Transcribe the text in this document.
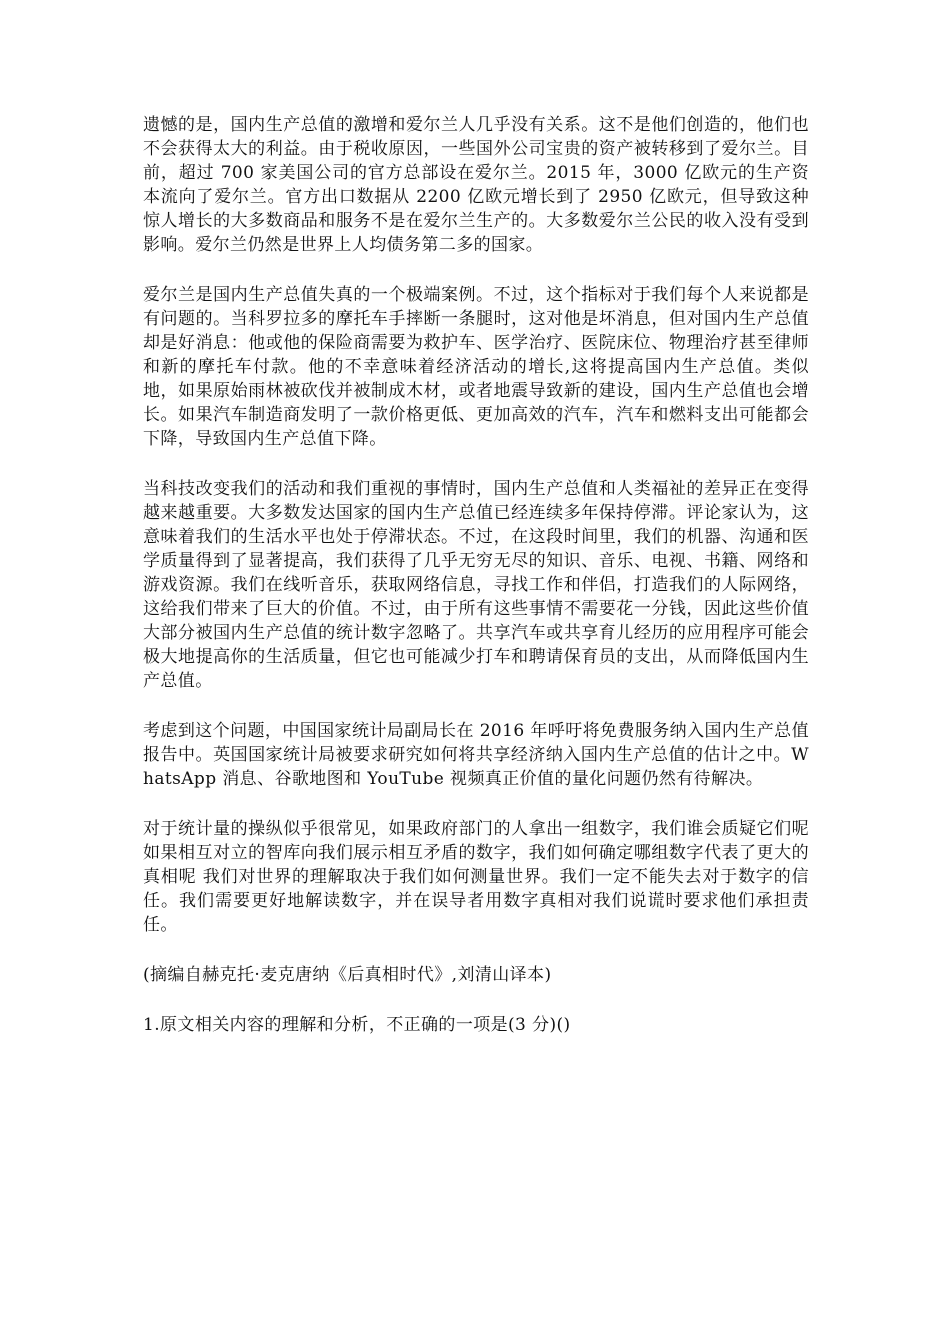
遗憾的是，国内生产总值的激增和爱尔兰人几乎没有关系。这不是他们创造的，他们也不会获得太大的利益。由于税收原因，一些国外公司宝贵的资产被转移到了爱尔兰。目前，超过 700 家美国公司的官方总部设在爱尔兰。2015 年，3000 亿欧元的生产资本流向了爱尔兰。官方出口数据从 2200 亿欧元增长到了 2950 亿欧元，但导致这种惊人增长的大多数商品和服务不是在爱尔兰生产的。大多数爱尔兰公民的收入没有受到影响。爱尔兰仍然是世界上人均债务第二多的国家。

爱尔兰是国内生产总值失真的一个极端案例。不过，这个指标对于我们每个人来说都是有问题的。当科罗拉多的摩托车手摔断一条腿时，这对他是坏消息，但对国内生产总值却是好消息：他或他的保险商需要为救护车、医学治疗、医院床位、物理治疗甚至律师和新的摩托车付款。他的不幸意味着经济活动的增长,这将提高国内生产总值。类似地，如果原始雨林被砍伐并被制成木材，或者地震导致新的建设，国内生产总值也会增长。如果汽车制造商发明了一款价格更低、更加高效的汽车，汽车和燃料支出可能都会下降，导致国内生产总值下降。

当科技改变我们的活动和我们重视的事情时，国内生产总值和人类福祉的差异正在变得越来越重要。大多数发达国家的国内生产总值已经连续多年保持停滞。评论家认为，这意味着我们的生活水平也处于停滞状态。不过，在这段时间里，我们的机器、沟通和医学质量得到了显著提高，我们获得了几乎无穷无尽的知识、音乐、电视、书籍、网络和游戏资源。我们在线听音乐，获取网络信息，寻找工作和伴侣，打造我们的人际网络，这给我们带来了巨大的价值。不过，由于所有这些事情不需要花一分钱，因此这些价值大部分被国内生产总值的统计数字忽略了。共享汽车或共享育儿经历的应用程序可能会极大地提高你的生活质量，但它也可能减少打车和聘请保育员的支出，从而降低国内生产总值。

考虑到这个问题，中国国家统计局副局长在 2016 年呼吁将免费服务纳入国内生产总值报告中。英国国家统计局被要求研究如何将共享经济纳入国内生产总值的估计之中。WhatsApp 消息、谷歌地图和 YouTube 视频真正价值的量化问题仍然有待解决。

对于统计量的操纵似乎很常见，如果政府部门的人拿出一组数字，我们谁会质疑它们呢 如果相互对立的智库向我们展示相互矛盾的数字，我们如何确定哪组数字代表了更大的真相呢 我们对世界的理解取决于我们如何测量世界。我们一定不能失去对于数字的信任。我们需要更好地解读数字，并在误导者用数字真相对我们说谎时要求他们承担责任。

(摘编自赫克托·麦克唐纳《后真相时代》,刘清山译本)

1.原文相关内容的理解和分析，不正确的一项是(3 分)()
